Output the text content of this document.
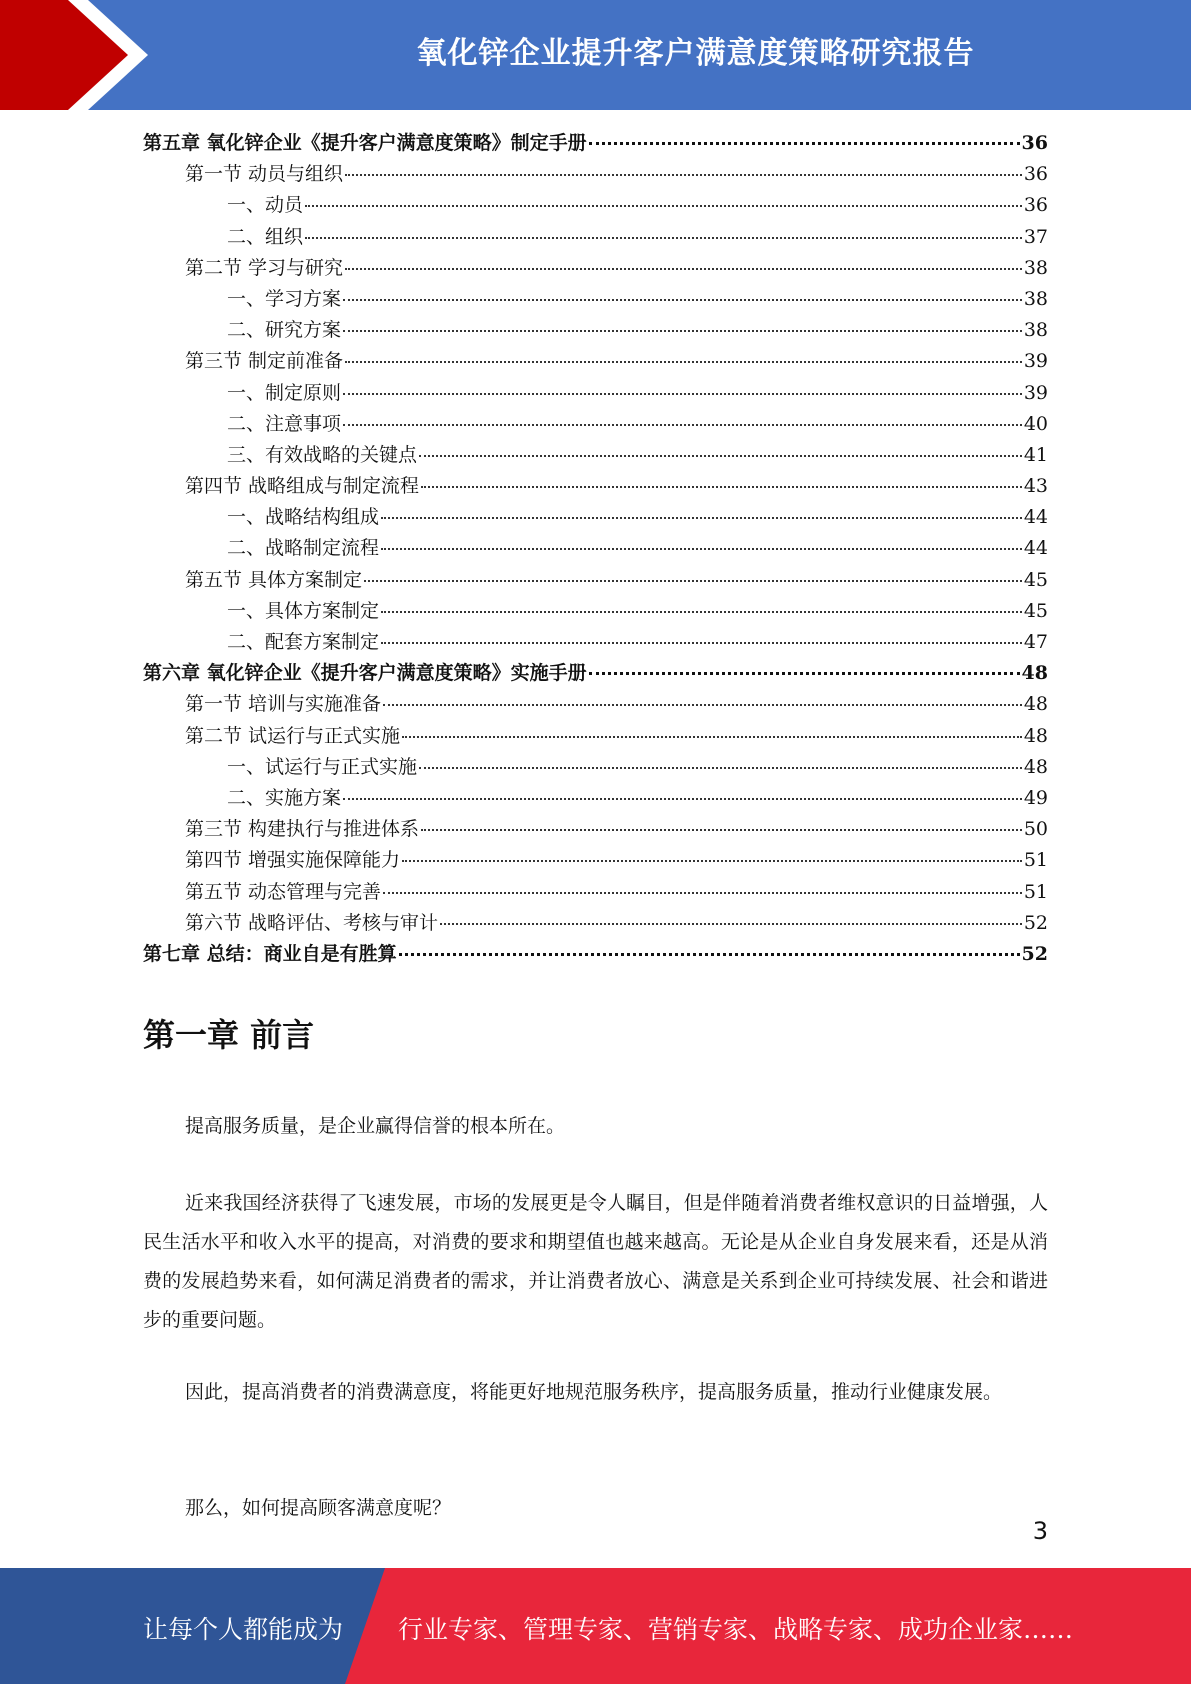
氧化锌企业提升客户满意度策略研究报告
第五章 氧化锌企业《提升客户满意度策略》制定手册	36
第一节 动员与组织	36
一、动员	36
二、组织	37
第二节 学习与研究	38
一、学习方案	38
二、研究方案	38
第三节 制定前准备	39
一、制定原则	39
二、注意事项	40
三、有效战略的关键点	41
第四节 战略组成与制定流程	43
一、战略结构组成	44
二、战略制定流程	44
第五节 具体方案制定	45
一、具体方案制定	45
二、配套方案制定	47
第六章 氧化锌企业《提升客户满意度策略》实施手册	48
第一节 培训与实施准备	48
第二节 试运行与正式实施	48
一、试运行与正式实施	48
二、实施方案	49
第三节 构建执行与推进体系	50
第四节 增强实施保障能力	51
第五节 动态管理与完善	51
第六节 战略评估、考核与审计	52
第七章 总结：商业自是有胜算	52
第一章 前言

提高服务质量，是企业赢得信誉的根本所在。

近来我国经济获得了飞速发展，市场的发展更是令人瞩目，但是伴随着消费者维权意识的日益增强，人民生活水平和收入水平的提高，对消费的要求和期望值也越来越高。无论是从企业自身发展来看，还是从消费的发展趋势来看，如何满足消费者的需求，并让消费者放心、满意是关系到企业可持续发展、社会和谐进步的重要问题。

因此，提高消费者的消费满意度，将能更好地规范服务秩序，提高服务质量，推动行业健康发展。

那么，如何提高顾客满意度呢？

3
让每个人都能成为 行业专家、管理专家、营销专家、战略专家、成功企业家……
